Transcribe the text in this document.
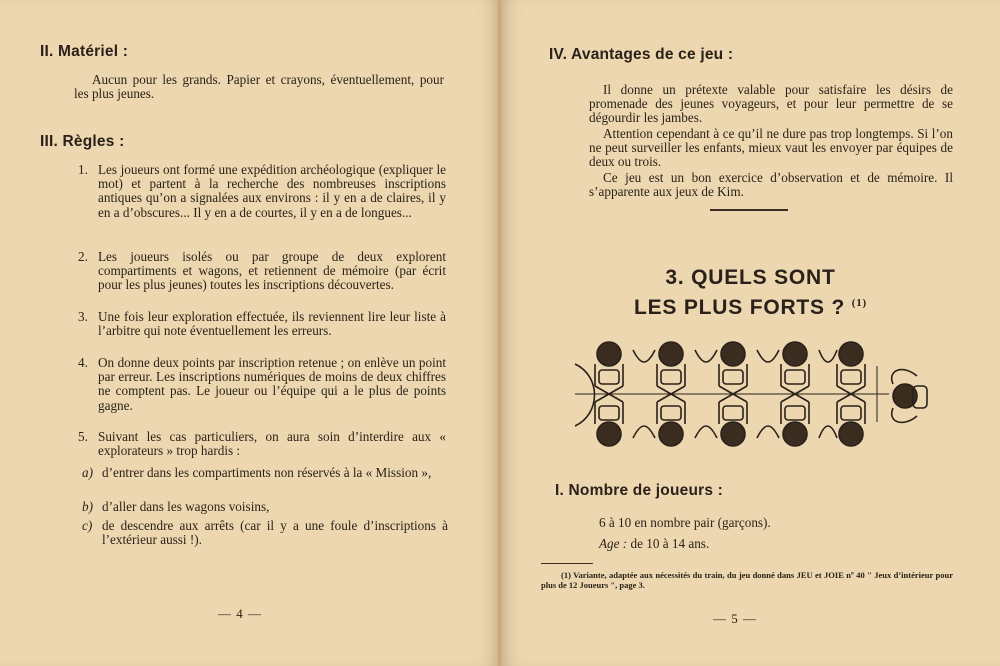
II. Matériel :
Aucun pour les grands. Papier et crayons, éventuellement, pour les plus jeunes.
III. Règles :
1. Les joueurs ont formé une expédition archéologique (expliquer le mot) et partent à la recherche des nombreuses inscriptions antiques qu’on a signalées aux environs : il y en a de claires, il y en a d’obscures... Il y en a de courtes, il y en a de longues...
2. Les joueurs isolés ou par groupe de deux explorent compartiments et wagons, et retiennent de mémoire (par écrit pour les plus jeunes) toutes les inscriptions découvertes.
3. Une fois leur exploration effectuée, ils reviennent lire leur liste à l’arbitre qui note éventuellement les erreurs.
4. On donne deux points par inscription retenue ; on enlève un point par erreur. Les inscriptions numériques de moins de deux chiffres ne comptent pas. Le joueur ou l’équipe qui a le plus de points gagne.
5. Suivant les cas particuliers, on aura soin d’interdire aux « explorateurs » trop hardis :
a) d’entrer dans les compartiments non réservés à la « Mission »,
b) d’aller dans les wagons voisins,
c) de descendre aux arrêts (car il y a une foule d’inscriptions à l’extérieur aussi !).
— 4 —
IV. Avantages de ce jeu :
Il donne un prétexte valable pour satisfaire les désirs de promenade des jeunes voyageurs, et pour leur permettre de se dégourdir les jambes.
Attention cependant à ce qu’il ne dure pas trop longtemps. Si l’on ne peut surveiller les enfants, mieux vaut les envoyer par équipes de deux ou trois.
Ce jeu est un bon exercice d’observation et de mémoire. Il s’apparente aux jeux de Kim.
3. QUELS SONT
LES PLUS FORTS ? $^{(1)}$
I. Nombre de joueurs :
6 à 10 en nombre pair (garçons).
Age : de 10 à 14 ans.
(1) Variante, adaptée aux nécessités du train, du jeu donné dans JEU et JOIE nº 40 " Jeux d’intérieur pour plus de 12 Joueurs ", page 3.
— 5 —
